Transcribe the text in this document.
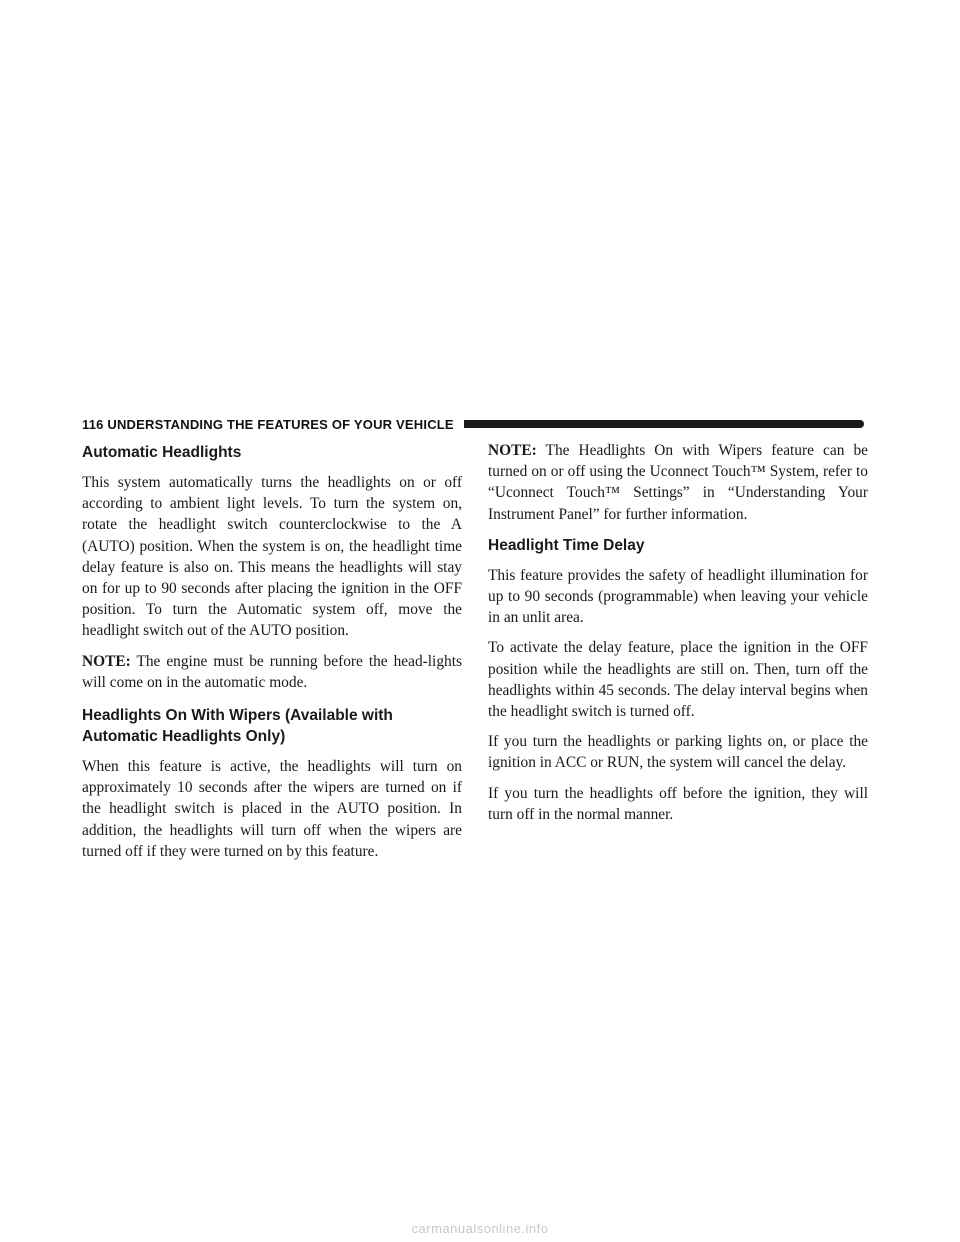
116 UNDERSTANDING THE FEATURES OF YOUR VEHICLE
Automatic Headlights

This system automatically turns the headlights on or off according to ambient light levels. To turn the system on, rotate the headlight switch counterclockwise to the A (AUTO) position. When the system is on, the headlight time delay feature is also on. This means the headlights will stay on for up to 90 seconds after placing the ignition in the OFF position. To turn the Automatic system off, move the headlight switch out of the AUTO position.

NOTE: The engine must be running before the head-lights will come on in the automatic mode.

Headlights On With Wipers (Available with Automatic Headlights Only)

When this feature is active, the headlights will turn on approximately 10 seconds after the wipers are turned on if the headlight switch is placed in the AUTO position. In addition, the headlights will turn off when the wipers are turned off if they were turned on by this feature.

NOTE: The Headlights On with Wipers feature can be turned on or off using the Uconnect Touch™ System, refer to “Uconnect Touch™ Settings” in “Understanding Your Instrument Panel” for further information.

Headlight Time Delay

This feature provides the safety of headlight illumination for up to 90 seconds (programmable) when leaving your vehicle in an unlit area.

To activate the delay feature, place the ignition in the OFF position while the headlights are still on. Then, turn off the headlights within 45 seconds. The delay interval begins when the headlight switch is turned off.

If you turn the headlights or parking lights on, or place the ignition in ACC or RUN, the system will cancel the delay.

If you turn the headlights off before the ignition, they will turn off in the normal manner.

carmanualsonline.info
